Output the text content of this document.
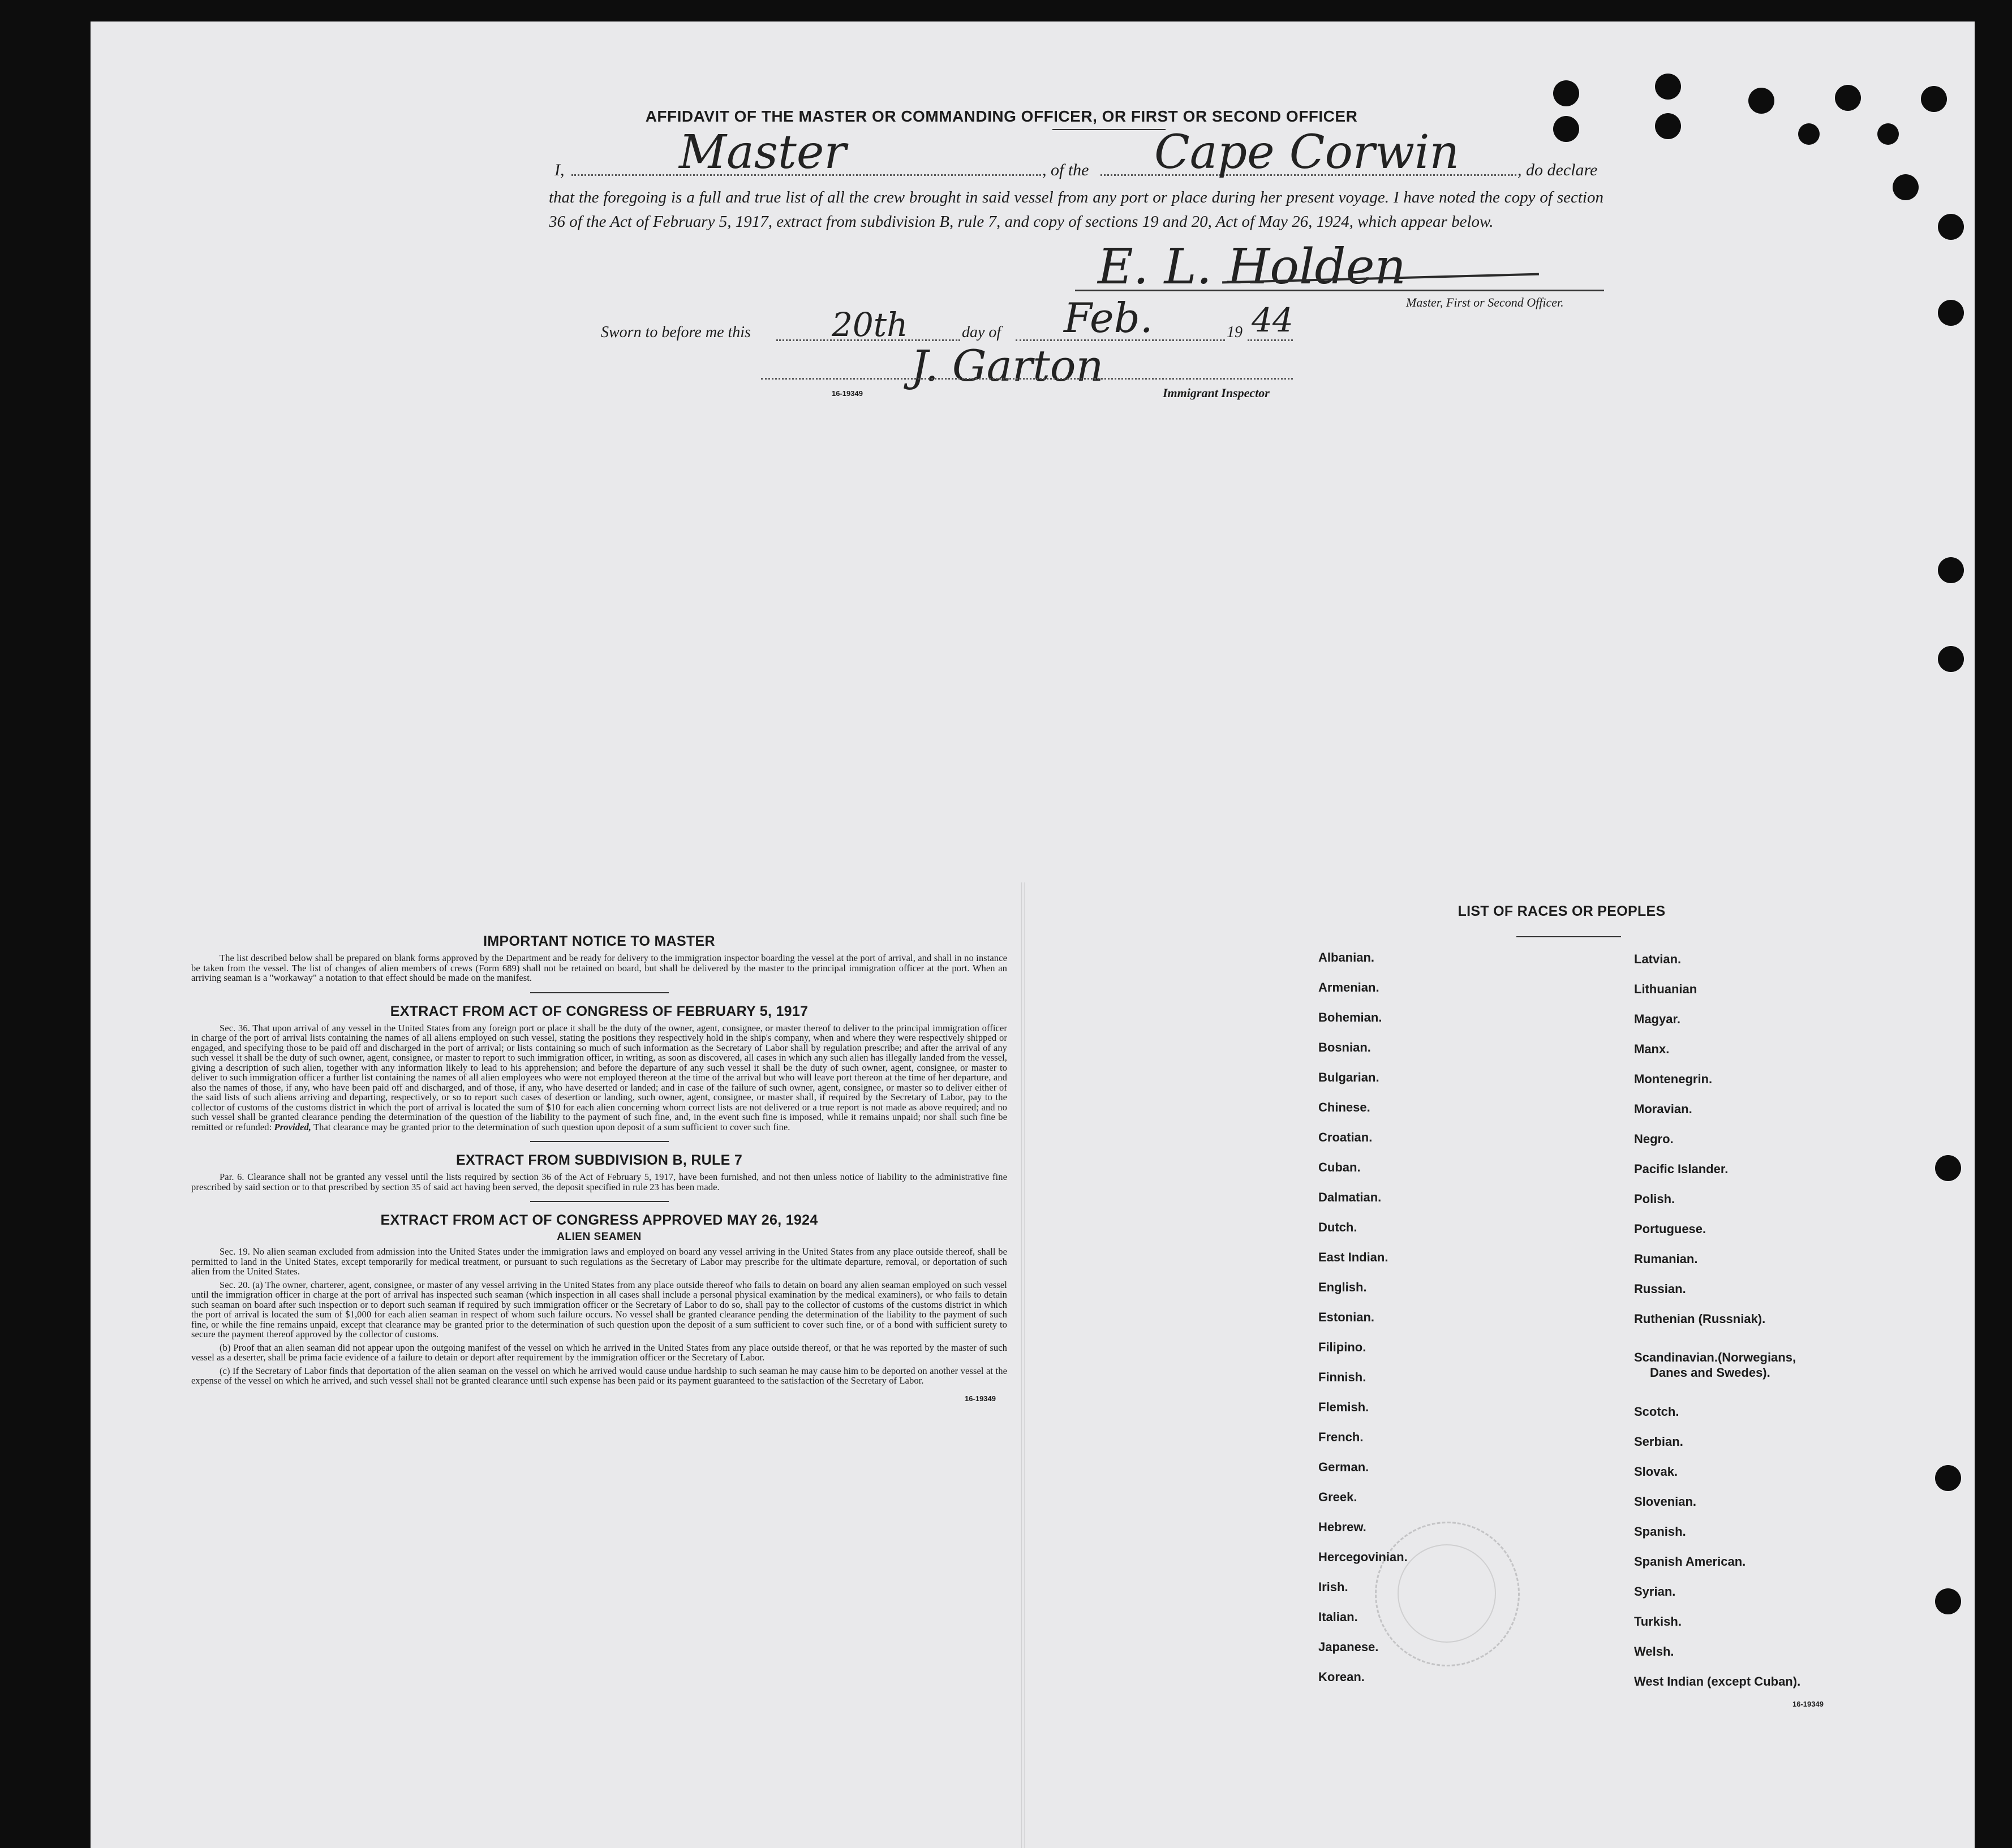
AFFIDAVIT OF THE MASTER OR COMMANDING OFFICER, OR FIRST OR SECOND OFFICER
I, Master	, of the Cape Corwin	, do declare
that the foregoing is a full and true list of all the crew brought in said vessel from any port or place during her present voyage. I have noted the copy of section 36 of the Act of February 5, 1917, extract from subdivision B, rule 7, and copy of sections 19 and 20, Act of May 26, 1924, which appear below.
E. L. Holden
Master, First or Second Officer.
Sworn to before me this 20th	day of Feb.	19 44
J. Garton
16-19349	Immigrant Inspector
IMPORTANT NOTICE TO MASTER

The list described below shall be prepared on blank forms approved by the Department and be ready for delivery to the immigration inspector boarding the vessel at the port of arrival, and shall in no instance be taken from the vessel. The list of changes of alien members of crews (Form 689) shall not be retained on board, but shall be delivered by the master to the principal immigration officer at the port. When an arriving seaman is a "workaway" a notation to that effect should be made on the manifest.

EXTRACT FROM ACT OF CONGRESS OF FEBRUARY 5, 1917

Sec. 36. That upon arrival of any vessel in the United States from any foreign port or place it shall be the duty of the owner, agent, consignee, or master thereof to deliver to the principal immigration officer in charge of the port of arrival lists containing the names of all aliens employed on such vessel, stating the positions they respectively hold in the ship's company, when and where they were respectively shipped or engaged, and specifying those to be paid off and discharged in the port of arrival; or lists containing so much of such information as the Secretary of Labor shall by regulation prescribe; and after the arrival of any such vessel it shall be the duty of such owner, agent, consignee, or master to report to such immigration officer, in writing, as soon as discovered, all cases in which any such alien has illegally landed from the vessel, giving a description of such alien, together with any information likely to lead to his apprehension; and before the departure of any such vessel it shall be the duty of such owner, agent, consignee, or master to deliver to such immigration officer a further list containing the names of all alien employees who were not employed thereon at the time of the arrival but who will leave port thereon at the time of her departure, and also the names of those, if any, who have been paid off and discharged, and of those, if any, who have deserted or landed; and in case of the failure of such owner, agent, consignee, or master so to deliver either of the said lists of such aliens arriving and departing, respectively, or so to report such cases of desertion or landing, such owner, agent, consignee, or master shall, if required by the Secretary of Labor, pay to the collector of customs of the customs district in which the port of arrival is located the sum of $10 for each alien concerning whom correct lists are not delivered or a true report is not made as above required; and no such vessel shall be granted clearance pending the determination of the question of the liability to the payment of such fine, and, in the event such fine is imposed, while it remains unpaid; nor shall such fine be remitted or refunded: Provided, That clearance may be granted prior to the determination of such question upon deposit of a sum sufficient to cover such fine.

EXTRACT FROM SUBDIVISION B, RULE 7

Par. 6. Clearance shall not be granted any vessel until the lists required by section 36 of the Act of February 5, 1917, have been furnished, and not then unless notice of liability to the administrative fine prescribed by said section or to that prescribed by section 35 of said act having been served, the deposit specified in rule 23 has been made.

EXTRACT FROM ACT OF CONGRESS APPROVED MAY 26, 1924
ALIEN SEAMEN

Sec. 19. No alien seaman excluded from admission into the United States under the immigration laws and employed on board any vessel arriving in the United States from any place outside thereof, shall be permitted to land in the United States, except temporarily for medical treatment, or pursuant to such regulations as the Secretary of Labor may prescribe for the ultimate departure, removal, or deportation of such alien from the United States.

Sec. 20. (a) The owner, charterer, agent, consignee, or master of any vessel arriving in the United States from any place outside thereof who fails to detain on board any alien seaman employed on such vessel until the immigration officer in charge at the port of arrival has inspected such seaman (which inspection in all cases shall include a personal physical examination by the medical examiners), or who fails to detain such seaman on board after such inspection or to deport such seaman if required by such immigration officer or the Secretary of Labor to do so, shall pay to the collector of customs of the customs district in which the port of arrival is located the sum of $1,000 for each alien seaman in respect of whom such failure occurs. No vessel shall be granted clearance pending the determination of the liability to the payment of such fine, or while the fine remains unpaid, except that clearance may be granted prior to the determination of such question upon the deposit of a sum sufficient to cover such fine, or of a bond with sufficient surety to secure the payment thereof approved by the collector of customs.

(b) Proof that an alien seaman did not appear upon the outgoing manifest of the vessel on which he arrived in the United States from any place outside thereof, or that he was reported by the master of such vessel as a deserter, shall be prima facie evidence of a failure to detain or deport after requirement by the immigration officer or the Secretary of Labor.

(c) If the Secretary of Labor finds that deportation of the alien seaman on the vessel on which he arrived would cause undue hardship to such seaman he may cause him to be deported on another vessel at the expense of the vessel on which he arrived, and such vessel shall not be granted clearance until such expense has been paid or its payment guaranteed to the satisfaction of the Secretary of Labor.

16-19349
LIST OF RACES OR PEOPLES
Albanian.
Armenian.
Bohemian.
Bosnian.
Bulgarian.
Chinese.
Croatian.
Cuban.
Dalmatian.
Dutch.
East Indian.
English.
Estonian.
Filipino.
Finnish.
Flemish.
French.
German.
Greek.
Hebrew.
Hercegovinian.
Irish.
Italian.
Japanese.
Korean.
Latvian.
Lithuanian
Magyar.
Manx.
Montenegrin.
Moravian.
Negro.
Pacific Islander.
Polish.
Portuguese.
Rumanian.
Russian.
Ruthenian (Russniak).
Scandinavian.(Norwegians,
Danes and Swedes).
Scotch.
Serbian.
Slovak.
Slovenian.
Spanish.
Spanish American.
Syrian.
Turkish.
Welsh.
West Indian (except Cuban).
16-19349
